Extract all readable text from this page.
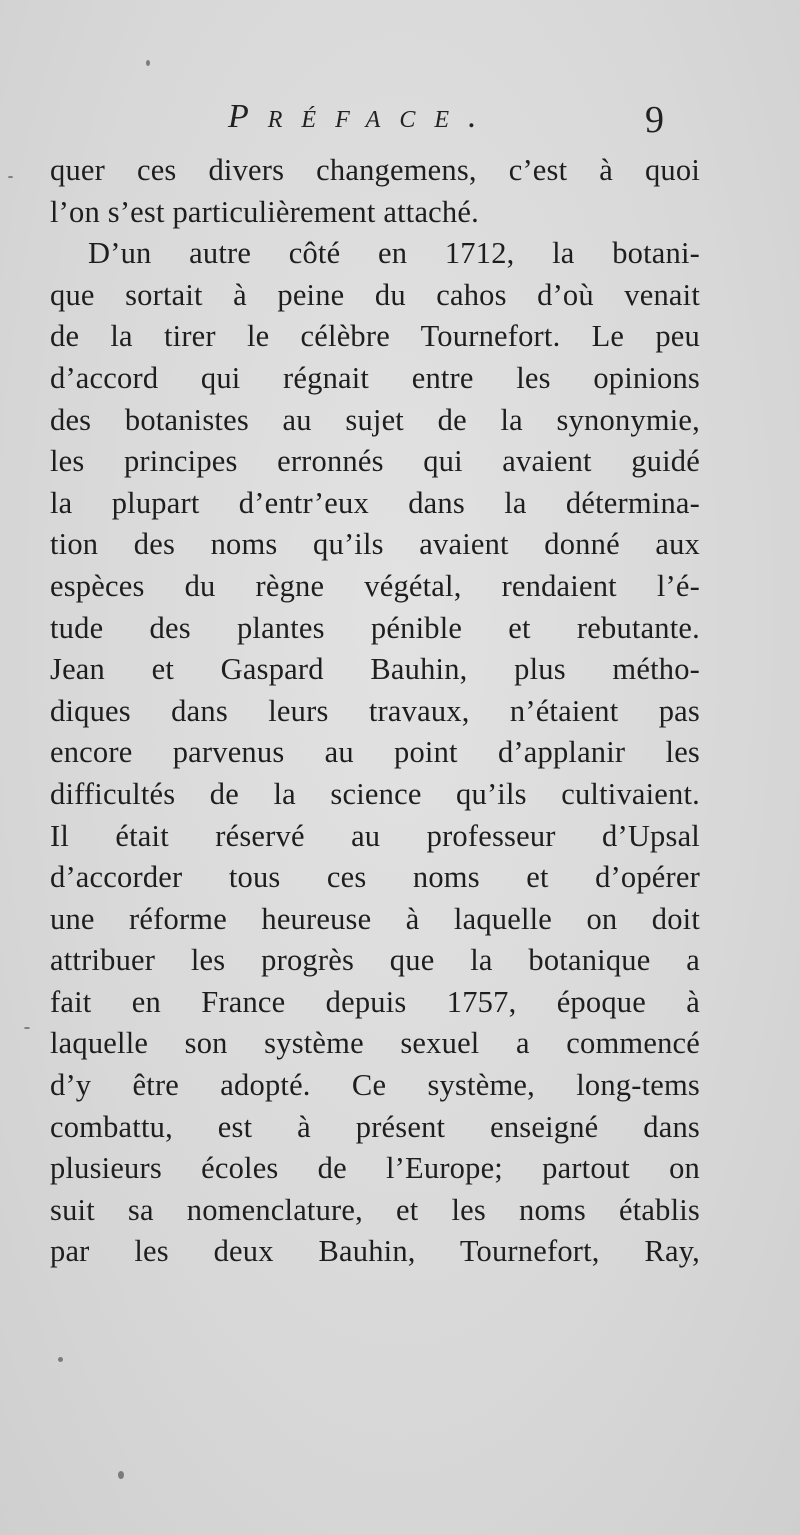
Préface.	9
quer ces divers changemens, c’est à quoi
l’on s’est particulièrement attaché.
D’un autre côté en 1712, la botani-
que sortait à peine du cahos d’où venait
de la tirer le célèbre Tournefort. Le peu
d’accord qui régnait entre les opinions
des botanistes au sujet de la synonymie,
les principes erronnés qui avaient guidé
la plupart d’entr’eux dans la détermina-
tion des noms qu’ils avaient donné aux
espèces du règne végétal, rendaient l’é-
tude des plantes pénible et rebutante.
Jean et Gaspard Bauhin, plus métho-
diques dans leurs travaux, n’étaient pas
encore parvenus au point d’applanir les
difficultés de la science qu’ils cultivaient.
Il était réservé au professeur d’Upsal
d’accorder tous ces noms et d’opérer
une réforme heureuse à laquelle on doit
attribuer les progrès que la botanique a
fait en France depuis 1757, époque à
laquelle son système sexuel a commencé
d’y être adopté. Ce système, long-tems
combattu, est à présent enseigné dans
plusieurs écoles de l’Europe; partout on
suit sa nomenclature, et les noms établis
par les deux Bauhin, Tournefort, Ray,
